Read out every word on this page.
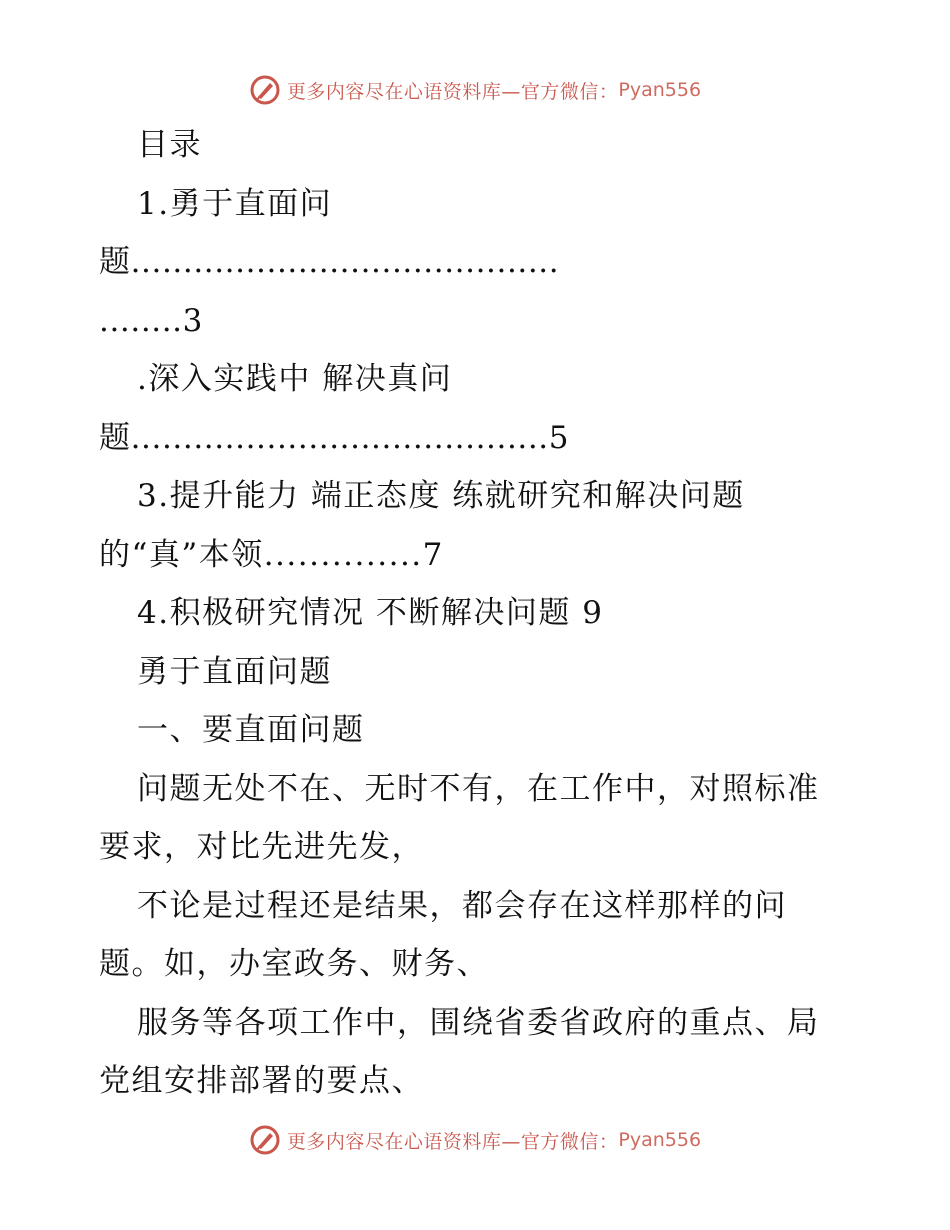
更多内容尽在心语资料库—官方微信： Pyan556
目录
1.勇于直面问
题.........................................
........3
.深入实践中 解决真问
题........................................5
3.提升能力 端正态度 练就研究和解决问题
的“真”本领..............7
4.积极研究情况 不断解决问题 9
勇于直面问题
一、要直面问题
问题无处不在、无时不有，在工作中，对照标准
要求，对比先进先发，
不论是过程还是结果，都会存在这样那样的问
题。如，办室政务、财务、
服务等各项工作中，围绕省委省政府的重点、局
党组安排部署的要点、
更多内容尽在心语资料库—官方微信： Pyan556
